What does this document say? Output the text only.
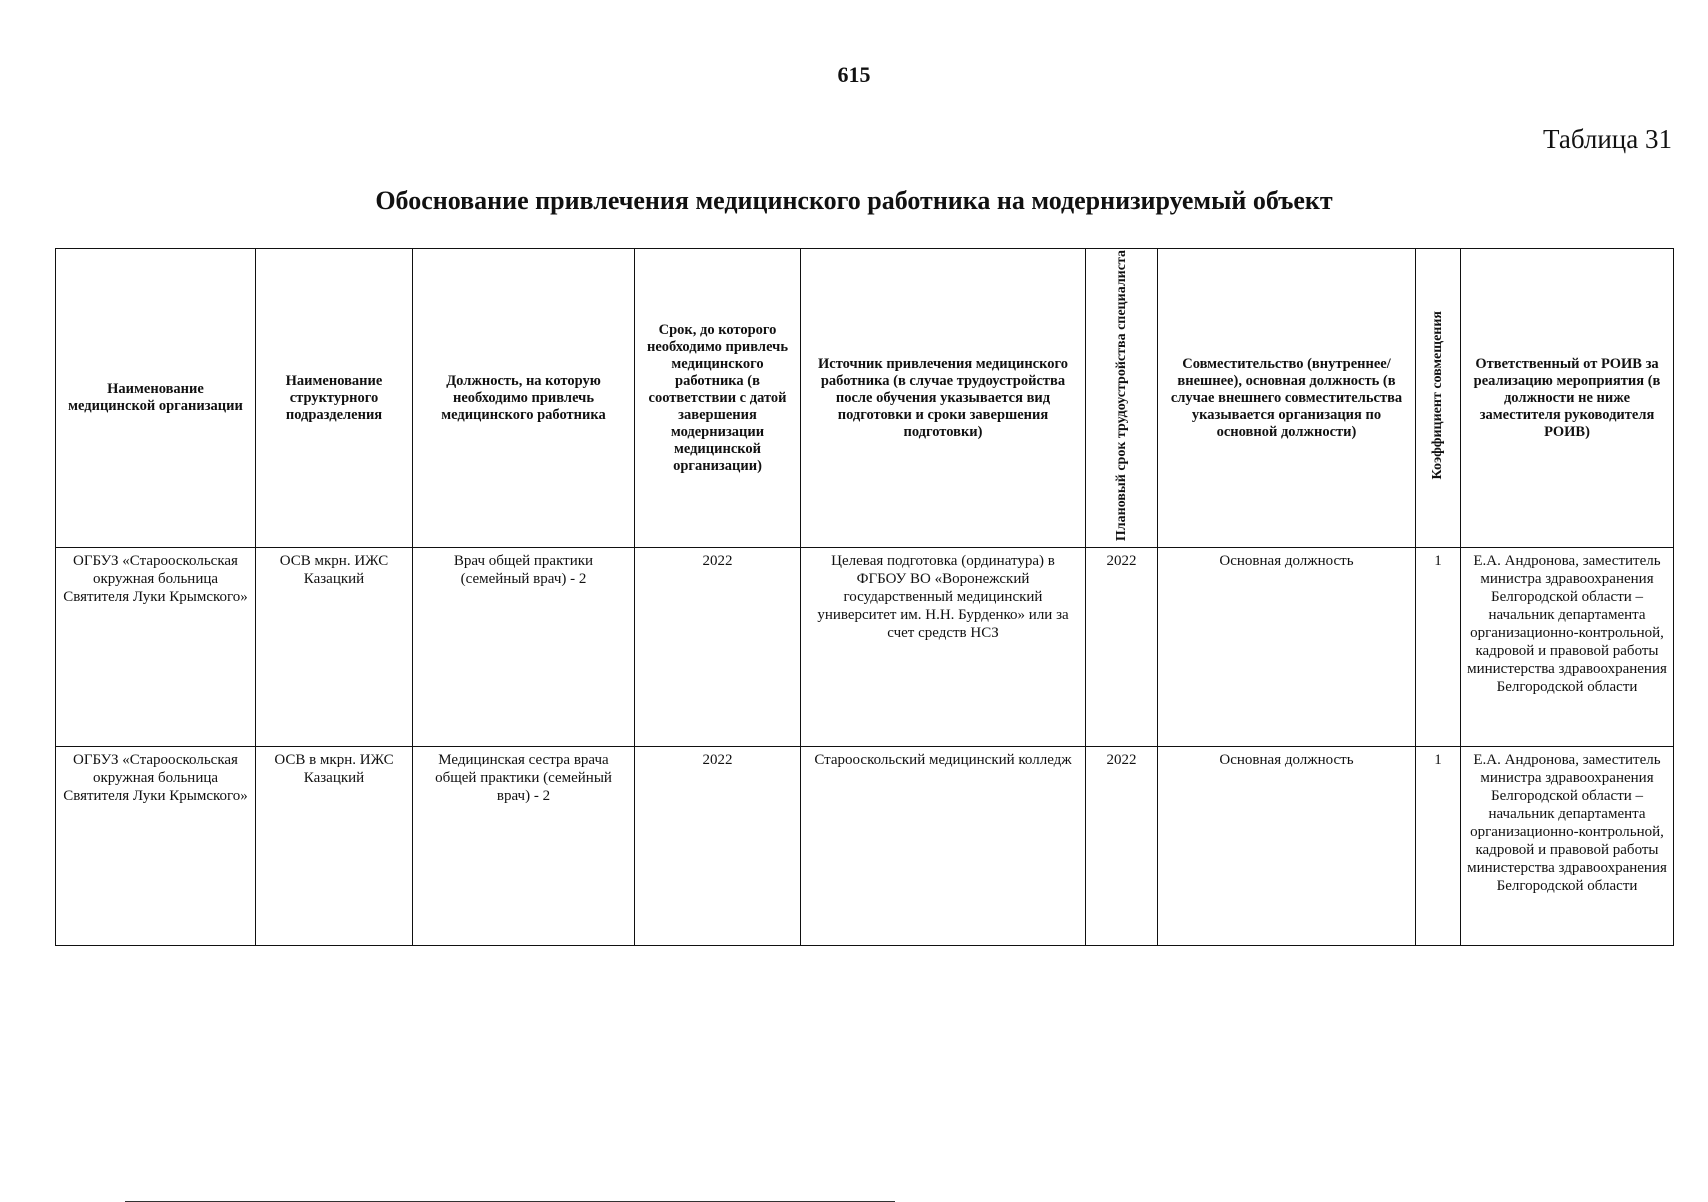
615
Таблица 31
Обоснование привлечения медицинского работника на модернизируемый объект
Наименование медицинской организации	Наименование структурного подразделения	Должность, на которую необходимо привлечь медицинского работника	Срок, до которого необходимо привлечь медицинского работника (в соответствии с датой завершения модернизации медицинской организации)	Источник привлечения медицинского работника (в случае трудоустройства после обучения указывается вид подготовки и сроки завершения подготовки)	Плановый срок трудоустройства специалиста	Совместительство (внутреннее/ внешнее), основная должность (в случае внешнего совместительства указывается организация по основной должности)	Коэффициент совмещения	Ответственный от РОИВ за реализацию мероприятия (в должности не ниже заместителя руководителя РОИВ)
ОГБУЗ «Старооскольская окружная больница Святителя Луки Крымского»	ОСВ мкрн. ИЖС Казацкий	Врач общей практики (семейный врач) - 2	2022	Целевая подготовка (ординатура) в ФГБОУ ВО «Воронежский государственный медицинский университет им. Н.Н. Бурденко» или за счет средств НСЗ	2022	Основная должность	1	Е.А. Андронова, заместитель министра здравоохранения Белгородской области – начальник департамента организационно-контрольной, кадровой и правовой работы министерства здравоохранения Белгородской области
ОГБУЗ «Старооскольская окружная больница Святителя Луки Крымского»	ОСВ в мкрн. ИЖС Казацкий	Медицинская сестра врача общей практики (семейный врач) - 2	2022	Старооскольский медицинский колледж	2022	Основная должность	1	Е.А. Андронова, заместитель министра здравоохранения Белгородской области – начальник департамента организационно-контрольной, кадровой и правовой работы министерства здравоохранения Белгородской области
